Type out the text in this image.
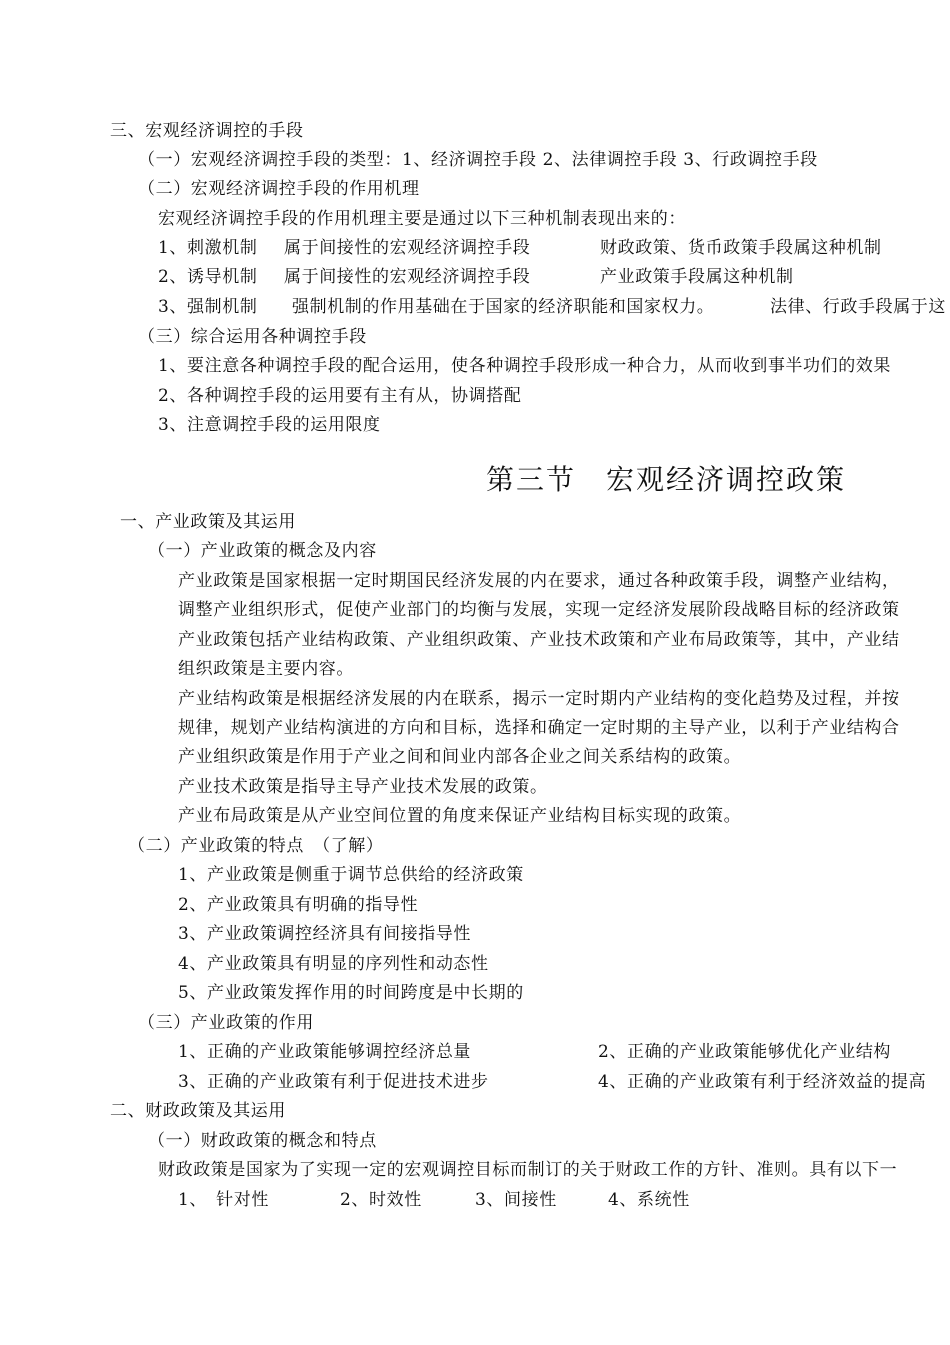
三、宏观经济调控的手段
（一）宏观经济调控手段的类型：1、经济调控手段 2、法律调控手段 3、行政调控手段
（二）宏观经济调控手段的作用机理
宏观经济调控手段的作用机理主要是通过以下三种机制表现出来的：
1、刺激机制 属于间接性的宏观经济调控手段	财政政策、货币政策手段属这种机制
2、诱导机制 属于间接性的宏观经济调控手段	产业政策手段属这种机制
3、强制机制 强制机制的作用基础在于国家的经济职能和国家权力。	法律、行政手段属于这
（三）综合运用各种调控手段
1、要注意各种调控手段的配合运用，使各种调控手段形成一种合力，从而收到事半功们的效果
2、各种调控手段的运用要有主有从，协调搭配
3、注意调控手段的运用限度
第三节　宏观经济调控政策
一、产业政策及其运用
（一）产业政策的概念及内容
产业政策是国家根据一定时期国民经济发展的内在要求，通过各种政策手段，调整产业结构，
调整产业组织形式，促使产业部门的均衡与发展，实现一定经济发展阶段战略目标的经济政策
产业政策包括产业结构政策、产业组织政策、产业技术政策和产业布局政策等，其中，产业结
组织政策是主要内容。
产业结构政策是根据经济发展的内在联系，揭示一定时期内产业结构的变化趋势及过程，并按
规律，规划产业结构演进的方向和目标，选择和确定一定时期的主导产业，以利于产业结构合
产业组织政策是作用于产业之间和间业内部各企业之间关系结构的政策。
产业技术政策是指导主导产业技术发展的政策。
产业布局政策是从产业空间位置的角度来保证产业结构目标实现的政策。
（二）产业政策的特点　（了解）
1、产业政策是侧重于调节总供给的经济政策
2、产业政策具有明确的指导性
3、产业政策调控经济具有间接指导性
4、产业政策具有明显的序列性和动态性
5、产业政策发挥作用的时间跨度是中长期的
（三）产业政策的作用
1、正确的产业政策能够调控经济总量	2、正确的产业政策能够优化产业结构
3、正确的产业政策有利于促进技术进步	4、正确的产业政策有利于经济效益的提高
二、财政政策及其运用
（一）财政政策的概念和特点
财政政策是国家为了实现一定的宏观调控目标而制订的关于财政工作的方针、准则。具有以下一
1、　针对性	2、时效性	3、间接性	4、系统性
